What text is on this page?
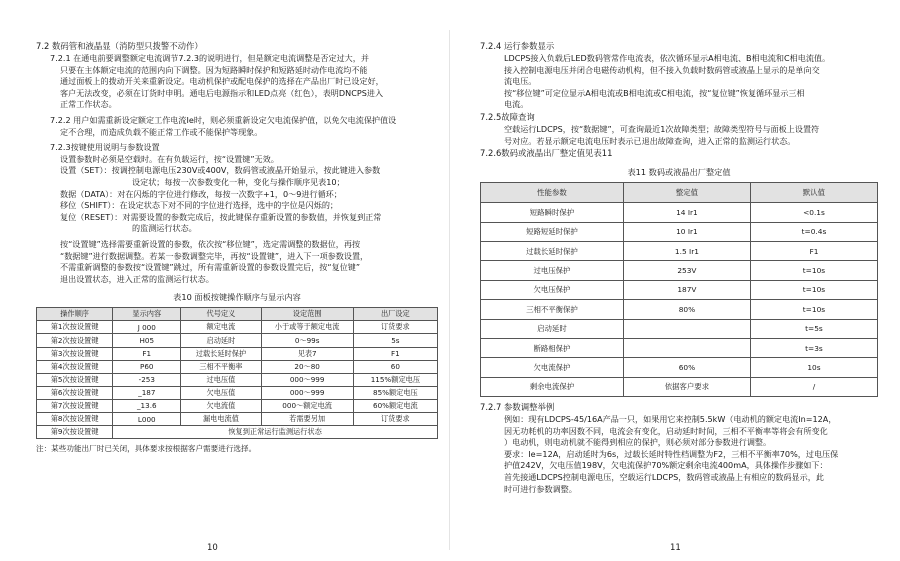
7.2 数码管和液晶显（消防型只拨警不动作）
7.2.1 在通电前要调整额定电流调节7.2.3的说明进行，但是额定电流调整是否定过大，并
只要在主体额定电流的范围内向下调整。因为短路瞬时保护和短路延时动作电流均不能
通过面板上的拨动开关来重新设定。电动机保护或配电保护的选择在产品出厂时已设定好，
客户无法改变，必须在订货时申明。通电后电源指示和LED点亮（红色），表明DNCPS进入
正常工作状态。
7.2.2 用户如需重新设定额定工作电流Ie时，则必须重新设定欠电流保护值，以免欠电流保护值设
定不合理，而造成负载不能正常工作或不能保护等现象。
7.2.3按键使用说明与参数设置
设置参数时必须是空载时。在有负载运行，按“设置键”无效。
设置（SET）：按调控制电源电压230V或400V，数码管或液晶开始显示，按此键进入参数
设定状；每按一次参数变化一种，变化与操作顺序见表10；
数据（DATA）：对在闪烁的字位进行修改，每按一次数字+1，0～9进行循环；
移位（SHIFT）：在设定状态下对不同的字位进行选择，选中的字位是闪烁的；
复位（RESET）：对需要设置的参数完成后，按此键保存重新设置的参数值，并恢复到正常
的监测运行状态。
按“设置键”选择需要重新设置的参数，依次按“移位键”，选定需调整的数据位，再按
“数据键”进行数据调整。若某一参数调整完毕，再按“设置键”，进入下一项参数设置，
不需重新调整的参数按“设置键”跳过，所有需重新设置的参数设置完后，按“复位键”
退出设置状态，进入正常的监测运行状态。
表10 面板按键操作顺序与显示内容
操作顺序	显示内容	代号定义	设定范围	出厂设定
第1次按设置键	J 000	额定电流	小于或等于额定电流	订货要求
第2次按设置键	H05	启动延时	0～99s	5s
第3次按设置键	F1	过载长延时保护	见表7	F1
第4次按设置键	P60	三相不平衡率	20～80	60
第5次按设置键	-253	过电压值	000～999	115%额定电压
第6次按设置键	_187	欠电压值	000～999	85%额定电压
第7次按设置键	_13.6	欠电流值	000～额定电流	60%额定电流
第8次按设置键	L000	漏电电流值	若需要另加	订货要求
第9次按设置键	恢复到正常运行监测运行状态			
注：某些功能出厂时已关闭，具体要求按根据客户需要进行选择。
10
7.2.4 运行参数显示
LDCPS接入负载后LED数码管常作电流表，依次循环显示A相电流、B相电流和C相电流值。
接入控制电源电压并闭合电磁传动机构，但不接入负载时数码管或液晶上显示的是单向交
流电压。
按“移位键”可定位显示A相电流或B相电流或C相电流，按“复位键”恢复循环显示三相
电流。
7.2.5故障查询
空载运行LDCPS，按“数据键”，可查询最近1次故障类型；故障类型符号与面板上设置符
号对应。若显示额定电流电压时表示已退出故障查询，进入正常的监测运行状态。
7.2.6数码或液晶出厂整定值见表11
表11 数码或液晶出厂整定值
性能参数	整定值	默认值
短路瞬时保护	14 Ir1	<0.1s
短路短延时保护	10 Ir1	t=0.4s
过载长延时保护	1.5 Ir1	F1
过电压保护	253V	t=10s
欠电压保护	187V	t=10s
三相不平衡保护	80%	t=10s
启动延时		t=5s
断路相保护		t=3s
欠电流保护	60%	10s
剩余电流保护	依据客户要求	/
7.2.7 参数调整举例
例如：现有LDCPS-45/16A产品一只，如果用它来控制5.5kW（电动机的额定电流In=12A，
因无功耗机的功率因数不同，电流会有变化，启动延时时间，三相不平衡率等将会有所变化
）电动机，则电动机就不能得到相应的保护，则必须对部分参数进行调整。
要求：Ie=12A，启动延时为6s，过载长延时特性档调整为F2，三相不平衡率70%，过电压保
护值242V，欠电压值198V，欠电流保护70%额定剩余电流400mA，具体操作步骤如下：
首先接通LDCPS控制电源电压，空载运行LDCPS，数码管或液晶上有相应的数码显示，此
时可进行参数调整。
11
